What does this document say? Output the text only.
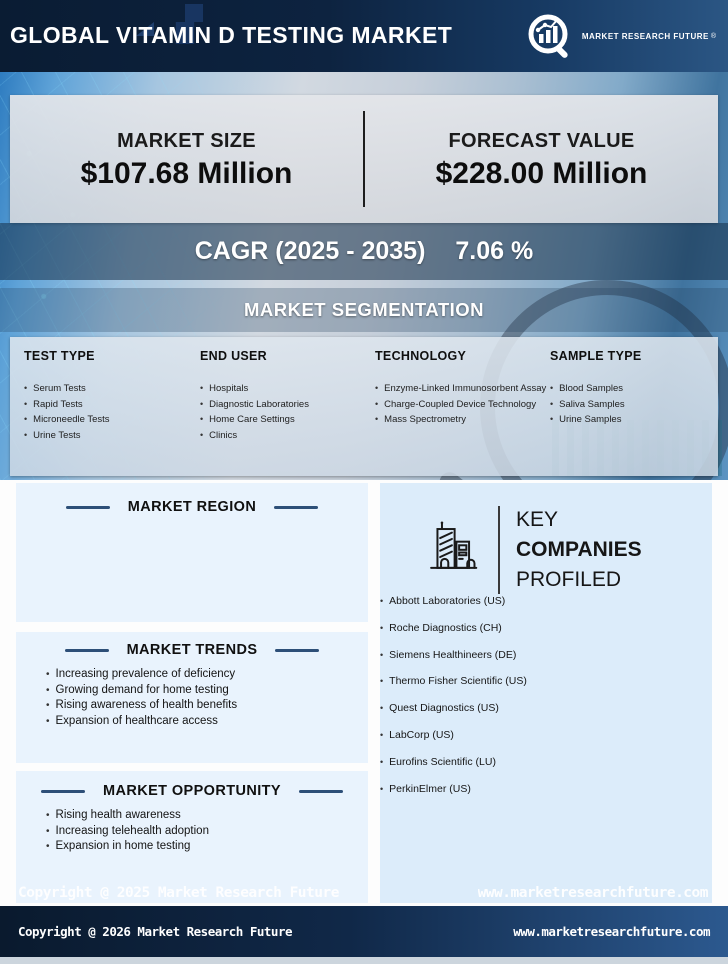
GLOBAL VITAMIN D TESTING MARKET	MARKET RESEARCH FUTURE ®
MARKET SIZE
$107.68 Million
FORECAST VALUE
$228.00 Million
CAGR (2025 - 2035) 7.06 %
MARKET SEGMENTATION
TEST TYPE
• Serum Tests
• Rapid Tests
• Microneedle Tests
• Urine Tests
END USER
• Hospitals
• Diagnostic Laboratories
• Home Care Settings
• Clinics
TECHNOLOGY
• Enzyme-Linked Immunosorbent Assay
• Charge-Coupled Device Technology
• Mass Spectrometry
SAMPLE TYPE
• Blood Samples
• Saliva Samples
• Urine Samples
MARKET REGION
MARKET TRENDS
• Increasing prevalence of deficiency
• Growing demand for home testing
• Rising awareness of health benefits
• Expansion of healthcare access
MARKET OPPORTUNITY
• Rising health awareness
• Increasing telehealth adoption
• Expansion in home testing
KEY
COMPANIES
PROFILED
• Abbott Laboratories (US)
• Roche Diagnostics (CH)
• Siemens Healthineers (DE)
• Thermo Fisher Scientific (US)
• Quest Diagnostics (US)
• LabCorp (US)
• Eurofins Scientific (LU)
• PerkinElmer (US)
Copyright @ 2025 Market Research Future	www.marketresearchfuture.com
Copyright @ 2026 Market Research Future	www.marketresearchfuture.com
